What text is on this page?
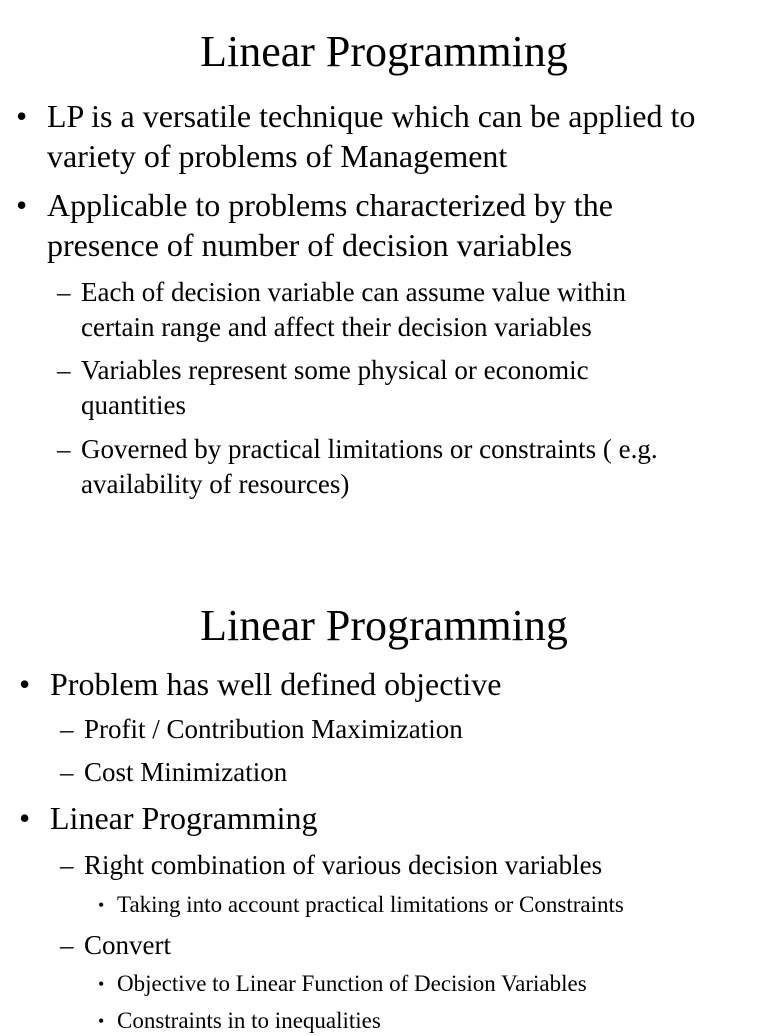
Linear Programming
• LP is a versatile technique which can be applied to
variety of problems of Management
• Applicable to problems characterized by the
presence of number of decision variables
– Each of decision variable can assume value within
certain range and affect their decision variables
– Variables represent some physical or economic
quantities
– Governed by practical limitations or constraints ( e.g.
availability of resources)
Linear Programming
• Problem has well defined objective
– Profit / Contribution Maximization
– Cost Minimization
• Linear Programming
– Right combination of various decision variables
• Taking into account practical limitations or Constraints
– Convert
• Objective to Linear Function of Decision Variables
• Constraints in to inequalities
